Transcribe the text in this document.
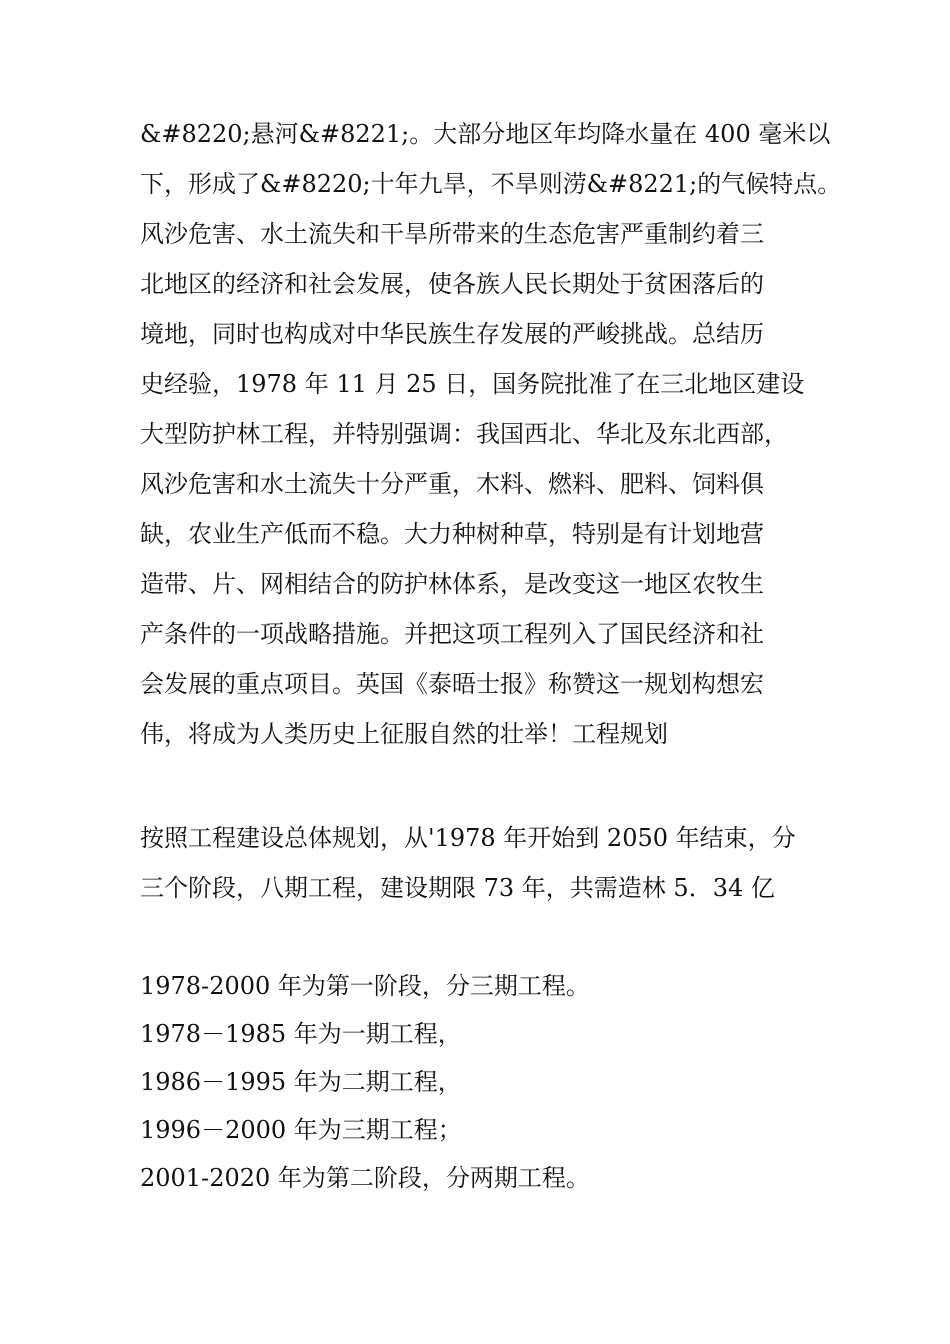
&#8220;悬河&#8221;。大部分地区年均降水量在 400 毫米以
下，形成了&#8220;十年九旱，不旱则涝&#8221;的气候特点。
风沙危害、水土流失和干旱所带来的生态危害严重制约着三
北地区的经济和社会发展，使各族人民长期处于贫困落后的
境地，同时也构成对中华民族生存发展的严峻挑战。总结历
史经验，1978 年 11 月 25 日，国务院批准了在三北地区建设
大型防护林工程，并特别强调：我国西北、华北及东北西部，
风沙危害和水土流失十分严重，木料、燃料、肥料、饲料俱
缺，农业生产低而不稳。大力种树种草，特别是有计划地营
造带、片、网相结合的防护林体系，是改变这一地区农牧生
产条件的一项战略措施。并把这项工程列入了国民经济和社
会发展的重点项目。英国《泰晤士报》称赞这一规划构想宏
伟，将成为人类历史上征服自然的壮举！工程规划
按照工程建设总体规划，从'1978 年开始到 2050 年结束，分
三个阶段，八期工程，建设期限 73 年，共需造林 5．34 亿
1978-2000 年为第一阶段，分三期工程。
1978－1985 年为一期工程，
1986－1995 年为二期工程，
1996－2000 年为三期工程；
2001-2020 年为第二阶段，分两期工程。
